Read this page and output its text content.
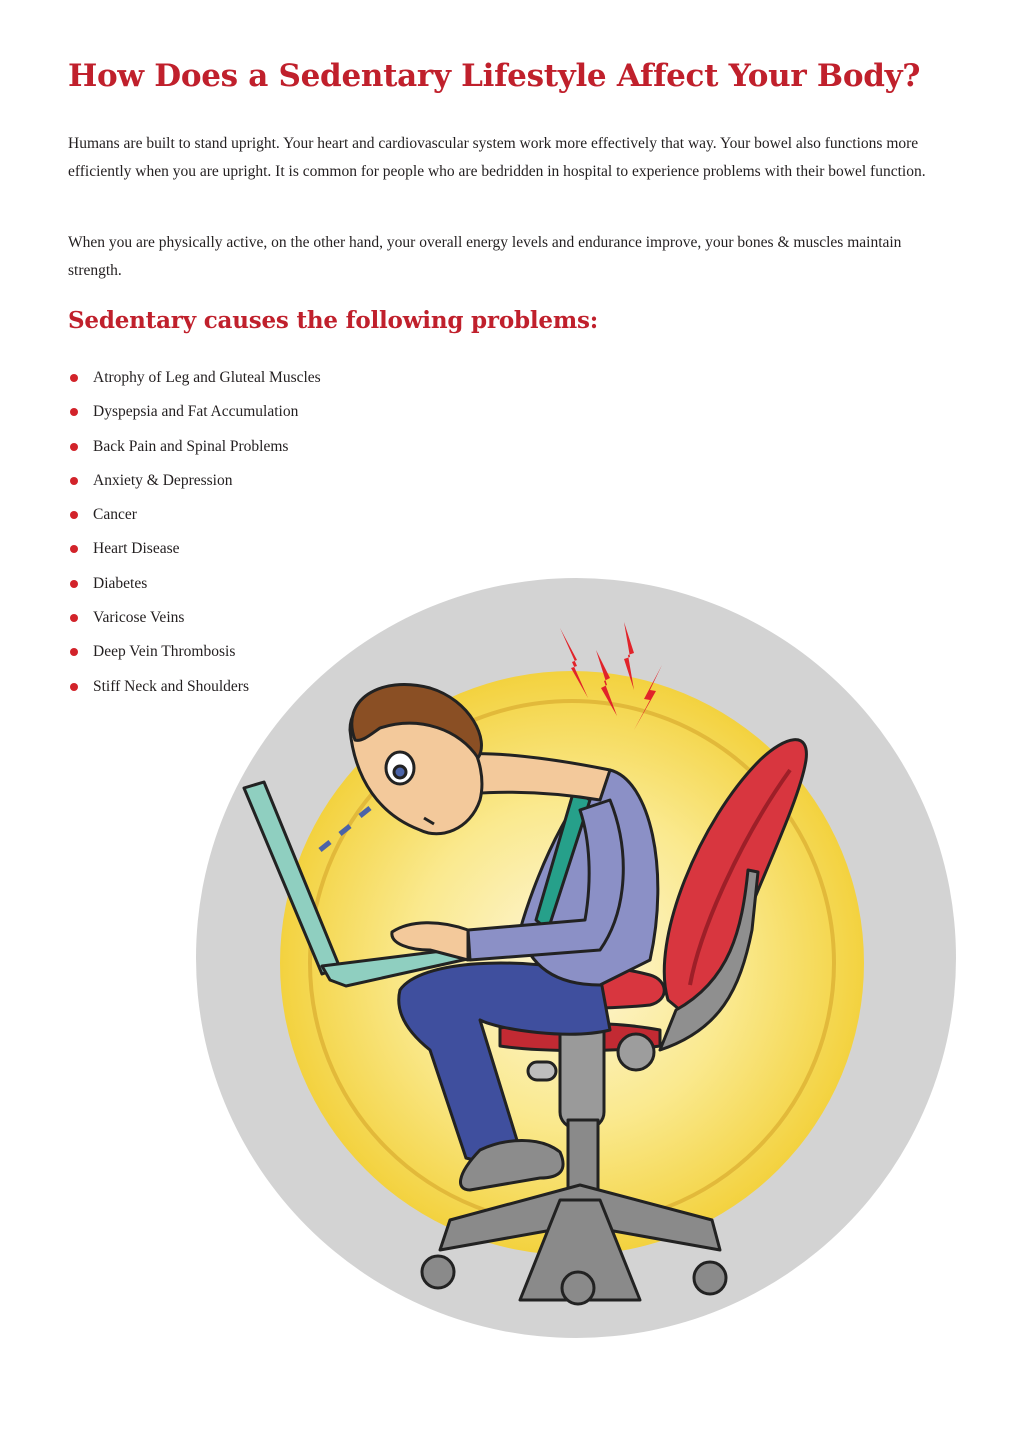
How Does a Sedentary Lifestyle Affect Your Body?

Humans are built to stand upright. Your heart and cardiovascular system work more effectively that way. Your bowel also functions more efficiently when you are upright. It is common for people who are bedridden in hospital to experience problems with their bowel function.

When you are physically active, on the other hand, your overall energy levels and endurance improve, your bones & muscles maintain strength.

Sedentary causes the following problems:
Atrophy of Leg and Gluteal Muscles
Dyspepsia and Fat Accumulation
Back Pain and Spinal Problems
Anxiety & Depression
Cancer
Heart Disease
Diabetes
Varicose Veins
Deep Vein Thrombosis
Stiff Neck and Shoulders
